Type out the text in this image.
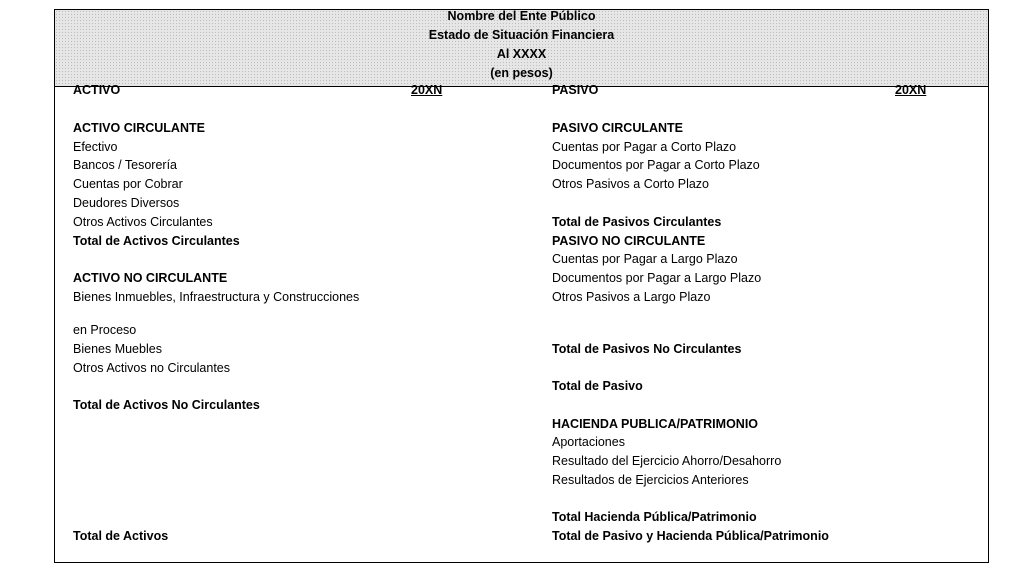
Nombre del Ente Público
Estado de Situación Financiera
Al XXXX
(en pesos)
ACTIVO	20XN
ACTIVO CIRCULANTE
Efectivo
Bancos / Tesorería
Cuentas por Cobrar
Deudores Diversos
Otros Activos Circulantes
Total de Activos Circulantes
ACTIVO NO CIRCULANTE
Bienes Inmuebles, Infraestructura y Construcciones
en Proceso
Bienes Muebles
Otros Activos no Circulantes
Total de Activos No Circulantes
Total de Activos
PASIVO	20XN
PASIVO CIRCULANTE
Cuentas por Pagar a Corto Plazo
Documentos por Pagar a Corto Plazo
Otros Pasivos a Corto Plazo
Total de Pasivos Circulantes
PASIVO NO CIRCULANTE
Cuentas por Pagar a Largo Plazo
Documentos por Pagar a Largo Plazo
Otros Pasivos a Largo Plazo
Total de Pasivos No Circulantes
Total de Pasivo
HACIENDA PUBLICA/PATRIMONIO
Aportaciones
Resultado del Ejercicio Ahorro/Desahorro
Resultados de Ejercicios Anteriores
Total Hacienda Pública/Patrimonio
Total de Pasivo y Hacienda Pública/Patrimonio
